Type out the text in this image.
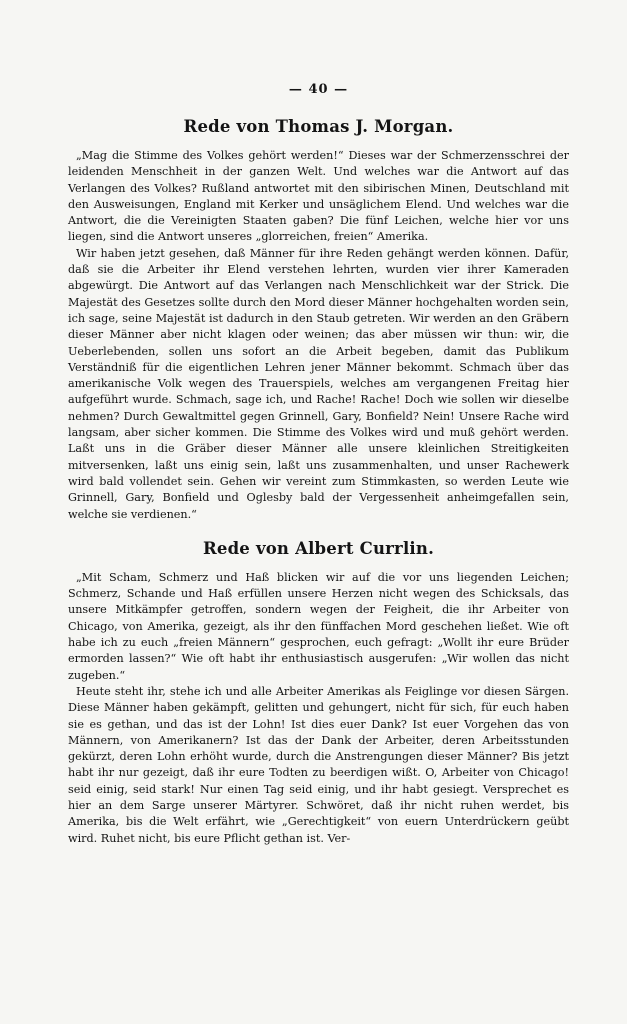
— 40 —
Rede von Thomas J. Morgan.

„Mag die Stimme des Volkes gehört werden!“ Dieses war der Schmerzensschrei der leidenden Menschheit in der ganzen Welt. Und welches war die Antwort auf das Verlangen des Volkes? Rußland antwortet mit den sibirischen Minen, Deutschland mit den Ausweisungen, England mit Kerker und unsäglichem Elend. Und welches war die Antwort, die die Vereinigten Staaten gaben? Die fünf Leichen, welche hier vor uns liegen, sind die Antwort unseres „glorreichen, freien“ Amerika.

Wir haben jetzt gesehen, daß Männer für ihre Reden gehängt werden können. Dafür, daß sie die Arbeiter ihr Elend verstehen lehrten, wurden vier ihrer Kameraden abgewürgt. Die Antwort auf das Verlangen nach Menschlichkeit war der Strick. Die Majestät des Gesetzes sollte durch den Mord dieser Männer hochgehalten worden sein, ich sage, seine Majestät ist dadurch in den Staub getreten. Wir werden an den Gräbern dieser Männer aber nicht klagen oder weinen; das aber müssen wir thun: wir, die Ueberlebenden, sollen uns sofort an die Arbeit begeben, damit das Publikum Verständniß für die eigentlichen Lehren jener Männer bekommt. Schmach über das amerikanische Volk wegen des Trauerspiels, welches am vergangenen Freitag hier aufgeführt wurde. Schmach, sage ich, und Rache! Rache! Doch wie sollen wir dieselbe nehmen? Durch Gewaltmittel gegen Grinnell, Gary, Bonfield? Nein! Unsere Rache wird langsam, aber sicher kommen. Die Stimme des Volkes wird und muß gehört werden. Laßt uns in die Gräber dieser Männer alle unsere kleinlichen Streitigkeiten mitversenken, laßt uns einig sein, laßt uns zusammenhalten, und unser Rachewerk wird bald vollendet sein. Gehen wir vereint zum Stimmkasten, so werden Leute wie Grinnell, Gary, Bonfield und Oglesby bald der Vergessenheit anheimgefallen sein, welche sie verdienen.“

Rede von Albert Currlin.

„Mit Scham, Schmerz und Haß blicken wir auf die vor uns liegenden Leichen; Schmerz, Schande und Haß erfüllen unsere Herzen nicht wegen des Schicksals, das unsere Mitkämpfer getroffen, sondern wegen der Feigheit, die ihr Arbeiter von Chicago, von Amerika, gezeigt, als ihr den fünffachen Mord geschehen ließet. Wie oft habe ich zu euch „freien Männern“ gesprochen, euch gefragt: „Wollt ihr eure Brüder ermorden lassen?“ Wie oft habt ihr enthusiastisch ausgerufen: „Wir wollen das nicht zugeben.“

Heute steht ihr, stehe ich und alle Arbeiter Amerikas als Feiglinge vor diesen Särgen. Diese Männer haben gekämpft, gelitten und gehungert, nicht für sich, für euch haben sie es gethan, und das ist der Lohn! Ist dies euer Dank? Ist euer Vorgehen das von Männern, von Amerikanern? Ist das der Dank der Arbeiter, deren Arbeitsstunden gekürzt, deren Lohn erhöht wurde, durch die Anstrengungen dieser Männer? Bis jetzt habt ihr nur gezeigt, daß ihr eure Todten zu beerdigen wißt. O, Arbeiter von Chicago! seid einig, seid stark! Nur einen Tag seid einig, und ihr habt gesiegt. Versprechet es hier an dem Sarge unserer Märtyrer. Schwöret, daß ihr nicht ruhen werdet, bis Amerika, bis die Welt erfährt, wie „Gerechtigkeit“ von euern Unterdrückern geübt wird. Ruhet nicht, bis eure Pflicht gethan ist. Ver-
